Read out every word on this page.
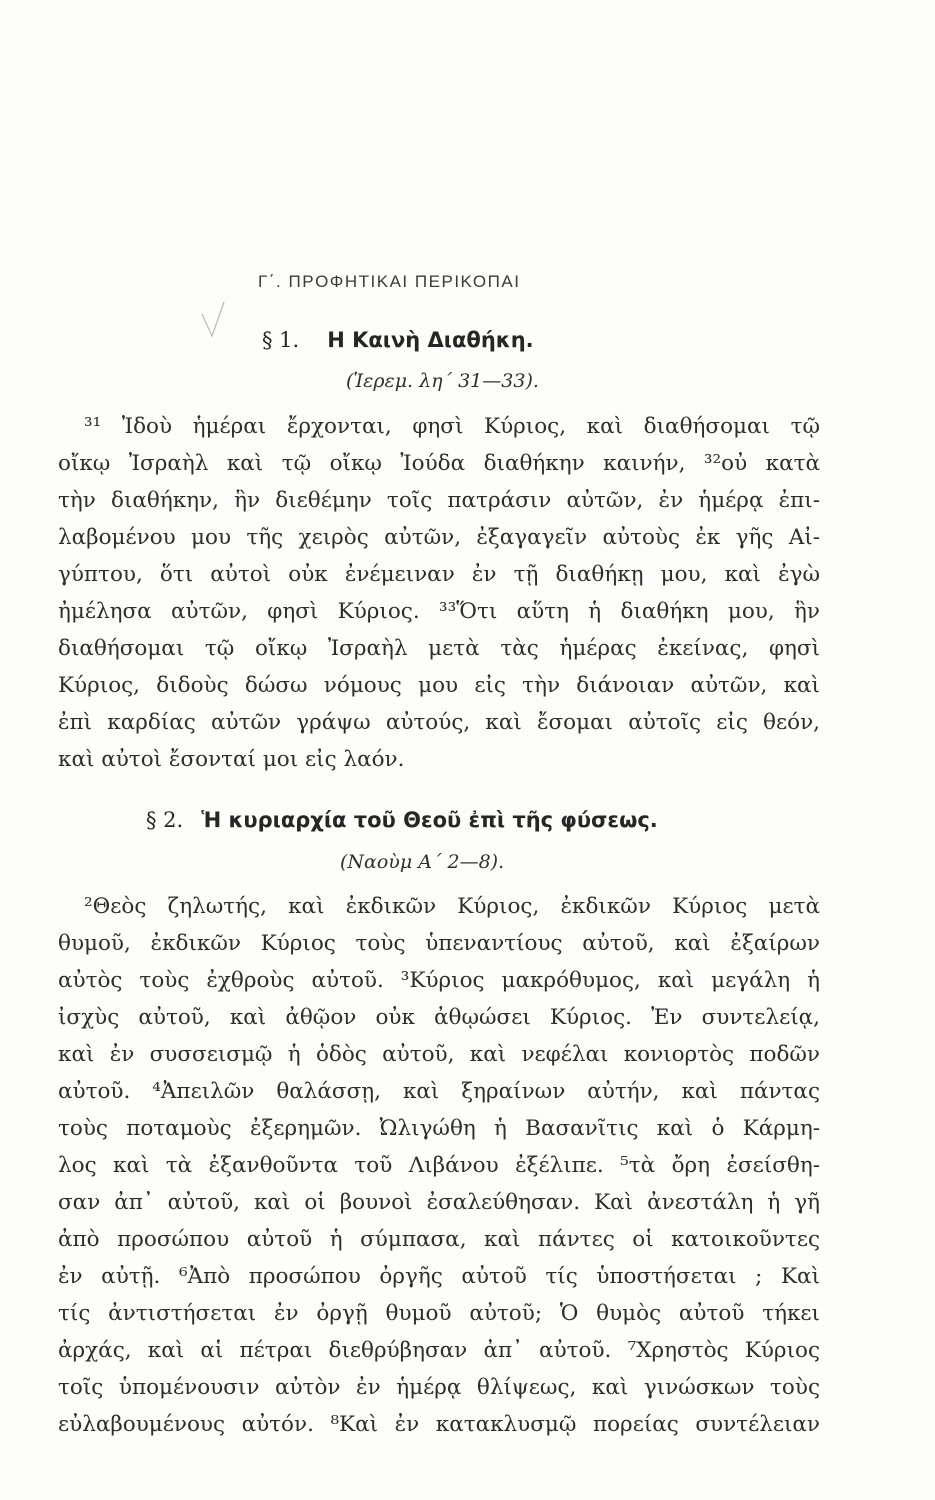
Γ΄. ΠΡΟΦΗΤΙΚΑΙ ΠΕΡΙΚΟΠΑΙ
§ 1. Η Καινὴ Διαθήκη.
(Ἱερεμ. λη΄ 31—33).
³¹ Ἰδοὺ ἡμέραι ἔρχονται, φησὶ Κύριος, καὶ διαθήσομαι τῷ
οἴκῳ Ἰσραὴλ καὶ τῷ οἴκῳ Ἰούδα διαθήκην καινήν, ³²οὐ κατὰ
τὴν διαθήκην, ἣν διεθέμην τοῖς πατράσιν αὐτῶν, ἐν ἡμέρᾳ ἐπι-
λαβομένου μου τῆς χειρὸς αὐτῶν, ἐξαγαγεῖν αὐτοὺς ἐκ γῆς Αἰ-
γύπτου, ὅτι αὐτοὶ οὐκ ἐνέμειναν ἐν τῇ διαθήκῃ μου, καὶ ἐγὼ
ἠμέλησα αὐτῶν, φησὶ Κύριος. ³³Ὅτι αὕτη ἡ διαθήκη μου, ἣν
διαθήσομαι τῷ οἴκῳ Ἰσραὴλ μετὰ τὰς ἡμέρας ἐκείνας, φησὶ
Κύριος, διδοὺς δώσω νόμους μου εἰς τὴν διάνοιαν αὐτῶν, καὶ
ἐπὶ καρδίας αὐτῶν γράψω αὐτούς, καὶ ἔσομαι αὐτοῖς εἰς θεόν,
καὶ αὐτοὶ ἔσονταί μοι εἰς λαόν.
§ 2. Ἡ κυριαρχία τοῦ Θεοῦ ἐπὶ τῆς φύσεως.
(Ναοὺμ Α΄ 2—8).
²Θεὸς ζηλωτής, καὶ ἐκδικῶν Κύριος, ἐκδικῶν Κύριος μετὰ
θυμοῦ, ἐκδικῶν Κύριος τοὺς ὑπεναντίους αὐτοῦ, καὶ ἐξαίρων
αὐτὸς τοὺς ἐχθροὺς αὐτοῦ. ³Κύριος μακρόθυμος, καὶ μεγάλη ἡ
ἰσχὺς αὐτοῦ, καὶ ἀθῷον οὐκ ἀθῳώσει Κύριος. Ἐν συντελείᾳ,
καὶ ἐν συσσεισμῷ ἡ ὁδὸς αὐτοῦ, καὶ νεφέλαι κονιορτὸς ποδῶν
αὐτοῦ. ⁴Ἀπειλῶν θαλάσσῃ, καὶ ξηραίνων αὐτήν, καὶ πάντας
τοὺς ποταμοὺς ἐξερημῶν. Ὠλιγώθη ἡ Βασανῖτις καὶ ὁ Κάρμη-
λος καὶ τὰ ἐξανθοῦντα τοῦ Λιβάνου ἐξέλιπε. ⁵τὰ ὄρη ἐσείσθη-
σαν ἀπ᾿ αὐτοῦ, καὶ οἱ βουνοὶ ἐσαλεύθησαν. Καὶ ἀνεστάλη ἡ γῆ
ἀπὸ προσώπου αὐτοῦ ἡ σύμπασα, καὶ πάντες οἱ κατοικοῦντες
ἐν αὐτῇ. ⁶Ἀπὸ προσώπου ὀργῆς αὐτοῦ τίς ὑποστήσεται ; Καὶ
τίς ἀντιστήσεται ἐν ὀργῇ θυμοῦ αὐτοῦ; Ὁ θυμὸς αὐτοῦ τήκει
ἀρχάς, καὶ αἱ πέτραι διεθρύβησαν ἀπ᾿ αὐτοῦ. ⁷Χρηστὸς Κύριος
τοῖς ὑπομένουσιν αὐτὸν ἐν ἡμέρᾳ θλίψεως, καὶ γινώσκων τοὺς
εὐλαβουμένους αὐτόν. ⁸Καὶ ἐν κατακλυσμῷ πορείας συντέλειαν
